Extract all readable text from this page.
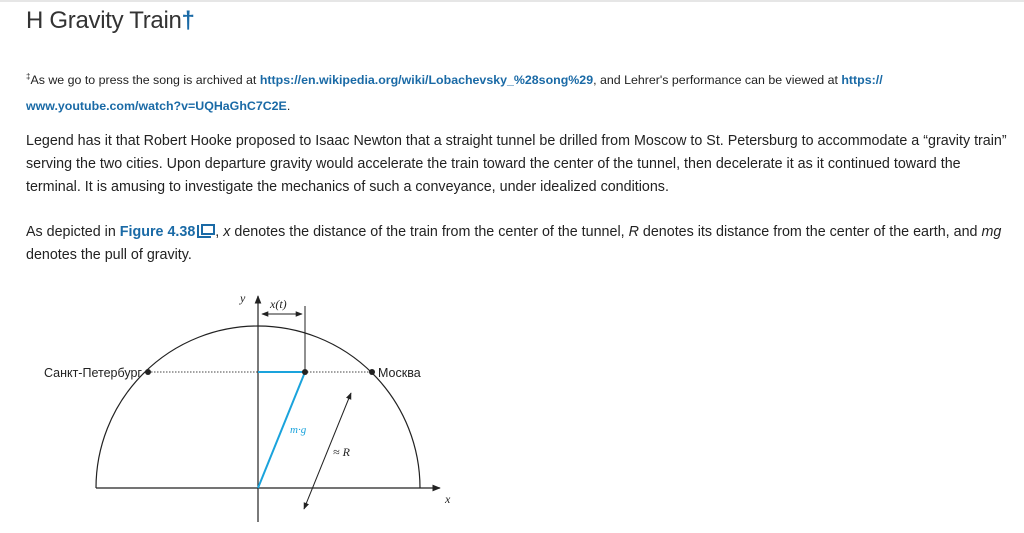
H Gravity Train†

‡As we go to press the song is archived at https://en.wikipedia.org/wiki/Lobachevsky_%28song%29, and Lehrer's performance can be viewed at https://
www.youtube.com/watch?v=UQHaGhC7C2E.

Legend has it that Robert Hooke proposed to Isaac Newton that a straight tunnel be drilled from Moscow to St. Petersburg to accommodate a “gravity train” serving the two cities. Upon departure gravity would accelerate the train toward the center of the tunnel, then decelerate it as it continued toward the terminal. It is amusing to investigate the mechanics of such a conveyance, under idealized conditions.

As depicted in Figure 4.38 , x denotes the distance of the train from the center of the tunnel, R denotes its distance from the center of the earth, and mg denotes the pull of gravity.

y
x
x(t)
Санкт-Петербург	Москва
m·g
≈ R
